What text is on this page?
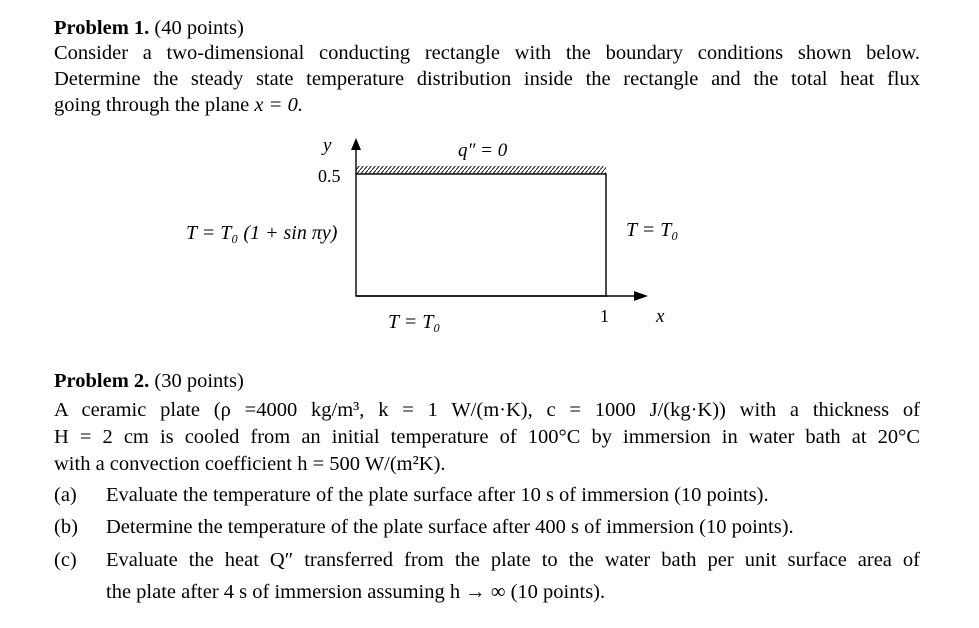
Problem 1. (40 points)
Consider a two-dimensional conducting rectangle with the boundary conditions shown below.
Determine the steady state temperature distribution inside the rectangle and the total heat flux
going through the plane x = 0.
y
0.5
q″ = 0
T = T₀ (1 + sin πy)	T = T₀
T = T₀	1 x
Problem 2. (30 points)
A ceramic plate (ρ =4000 kg/m³, k = 1 W/(m·K), c = 1000 J/(kg·K)) with a thickness of
H = 2 cm is cooled from an initial temperature of 100°C by immersion in water bath at 20°C
with a convection coefficient h = 500 W/(m²K).
(a) Evaluate the temperature of the plate surface after 10 s of immersion (10 points).
(b) Determine the temperature of the plate surface after 400 s of immersion (10 points).
(c) Evaluate the heat Q″ transferred from the plate to the water bath per unit surface area of
the plate after 4 s of immersion assuming h → ∞ (10 points).
